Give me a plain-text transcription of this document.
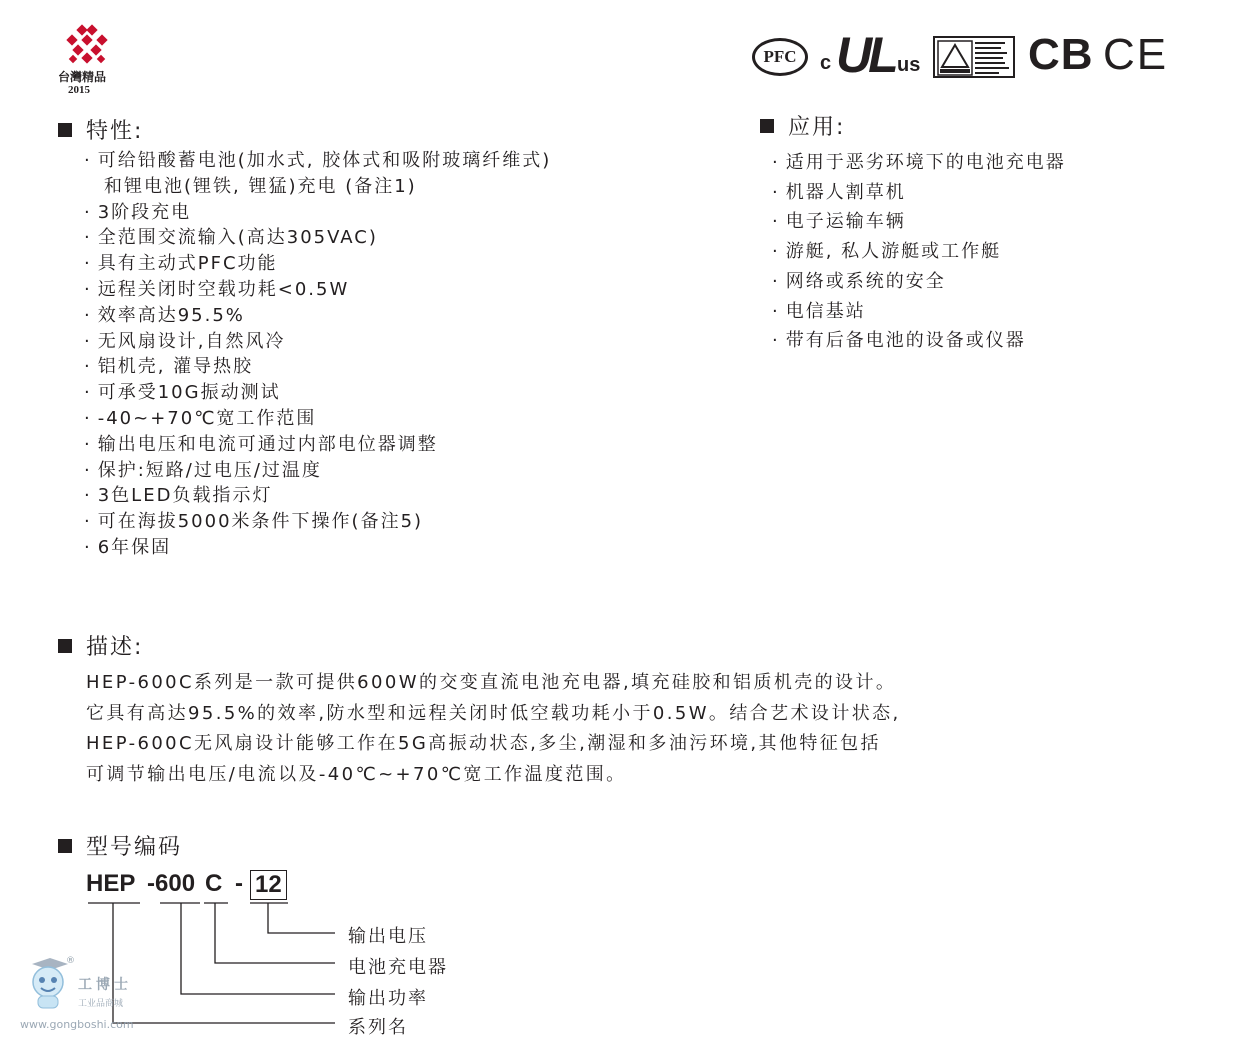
台灣精品
2015
PFC	c UL us CB CE
特性:
· 可给铅酸蓄电池(加水式, 胶体式和吸附玻璃纤维式)
和锂电池(锂铁, 锂猛)充电 (备注1)
· 3阶段充电
· 全范围交流输入(高达305VAC)
· 具有主动式PFC功能
· 远程关闭时空载功耗<0.5W
· 效率高达95.5%
· 无风扇设计,自然风冷
· 铝机壳, 灌导热胶
· 可承受10G振动测试
· -40~+70℃宽工作范围
· 输出电压和电流可通过内部电位器调整
· 保护:短路/过电压/过温度
· 3色LED负载指示灯
· 可在海拔5000米条件下操作(备注5)
· 6年保固
应用:
· 适用于恶劣环境下的电池充电器
· 机器人割草机
· 电子运输车辆
· 游艇, 私人游艇或工作艇
· 网络或系统的安全
· 电信基站
· 带有后备电池的设备或仪器
描述:

HEP-600C系列是一款可提供600W的交变直流电池充电器,填充硅胶和铝质机壳的设计。

它具有高达95.5%的效率,防水型和远程关闭时低空载功耗小于0.5W。结合艺术设计状态,

HEP-600C无风扇设计能够工作在5G高振动状态,多尘,潮湿和多油污环境,其他特征包括

可调节输出电压/电流以及-40℃~+70℃宽工作温度范围。

型号编码
HEP -600 C - 12
输出电压
电池充电器
输出功率
系列名
®
工博士
工业品商城
www.gongboshi.com
